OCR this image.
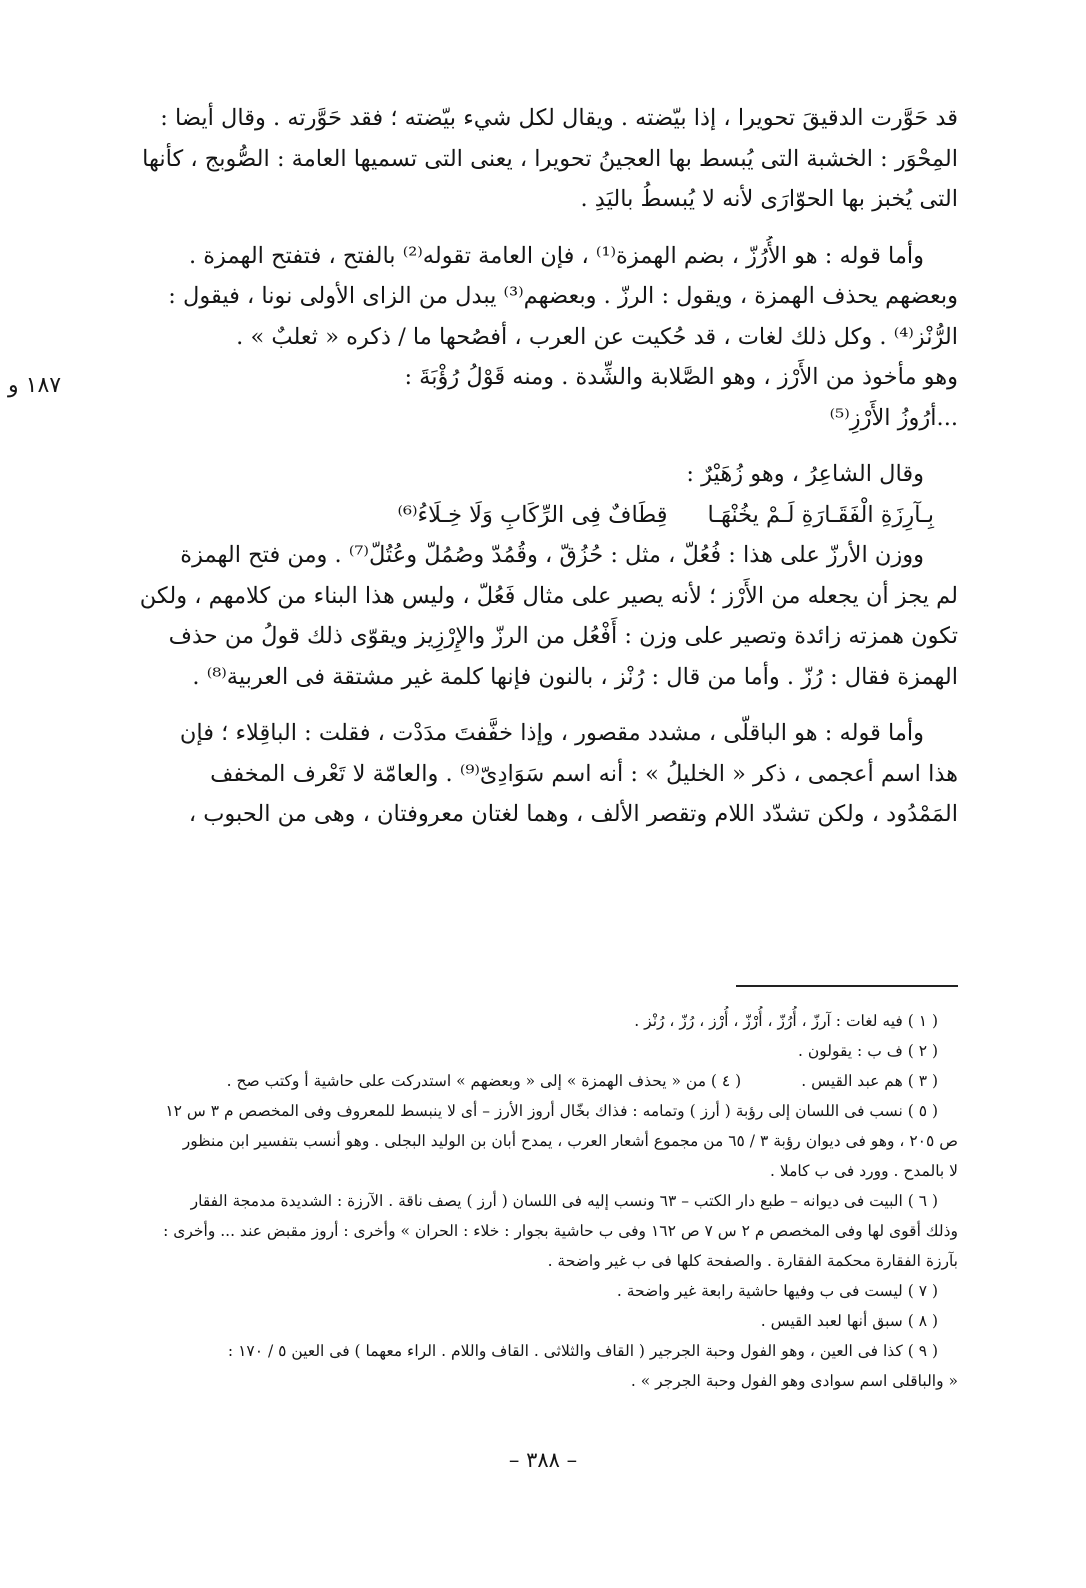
١٨٧ و
قد حَوَّرت الدقيقَ تحويرا ، إذا بيّضته . ويقال لكل شيء بيّضته ؛ فقد حَوَّرته . وقال أيضا :
المِحْوَر : الخشبة التى يُبسط بها العجينُ تحويرا ، يعنى التى تسميها العامة : الصُّوبج ، كأنها
التى يُخبز بها الحوّارَى لأنه لا يُبسطُ باليَدِ .
وأما قوله : هو الأُرُزّ ، بضم الهمزة⁽¹⁾ ، فإن العامة تقوله⁽²⁾ بالفتح ، فتفتح الهمزة .
وبعضهم يحذف الهمزة ، ويقول : الرزّ . وبعضهم⁽³⁾ يبدل من الزاى الأولى نونا ، فيقول :
الرُّنْز⁽⁴⁾ . وكل ذلك لغات ، قد حُكيت عن العرب ، أفصُحها ما / ذكره « ثعلبٌ » .
وهو مأخوذ من الأَرْز ، وهو الصَّلابة والشِّدة . ومنه قَوْلُ رُؤْبَةَ :
...أرُوزُ الأَرْزِ⁽⁵⁾
وقال الشاعِرُ ، وهو زُهَيْرٌ :
بِـآرِزَةِ الْفَقَـارَةِ لَـمْ يخُنْهَـا
قِطَافٌ فِى الرِّكَابِ وَلَا خِـلَاءُ⁽⁶⁾
ووزن الأرزّ على هذا : فُعُلّ ، مثل : حُزُقّ ، وقُمُدّ وصُمُلّ وعُتُلّ⁽⁷⁾ . ومن فتح الهمزة
لم يجز أن يجعله من الأَرْز ؛ لأنه يصير على مثال فَعُلّ ، وليس هذا البناء من كلامهم ، ولكن
تكون همزته زائدة وتصير على وزن : أَفْعُل من الرزّ والإِرْزِيز ويقوّى ذلك قولُ من حذف
الهمزة فقال : رُزّ . وأما من قال : رُنْز ، بالنون فإنها كلمة غير مشتقة فى العربية⁽⁸⁾ .
وأما قوله : هو الباقلّى ، مشدد مقصور ، وإذا خفَّفتَ مدَدْت ، فقلت : الباقِلاء ؛ فإن
هذا اسم أعجمى ، ذكر « الخليلُ » : أنه اسم سَوَادِىّ⁽⁹⁾ . والعامّة لا تَعْرف المخفف
المَمْدُود ، ولكن تشدّد اللام وتقصر الألف ، وهما لغتان معروفتان ، وهى من الحبوب ،
( ١ ) فيه لغات : آرزّ ، أُرُزّ ، أُرْزّ ، أُرْز ، رُزّ ، رُنْز .
( ٢ ) ف ب : يقولون .
( ٣ ) هم عبد القيس .
( ٤ ) من « يحذف الهمزة » إلى « وبعضهم » استدركت على حاشية أ وكتب صح .
( ٥ ) نسب فى اللسان إلى رؤبة ( أرز ) وتمامه : فذاك بخّال أروز الأرز – أى لا ينبسط للمعروف وفى المخصص م ٣ س ١٢
ص ٢٠٥ ، وهو فى ديوان رؤبة ٣ / ٦٥ من مجموع أشعار العرب ، يمدح أبان بن الوليد البجلى . وهو أنسب بتفسير ابن منظور
لا بالمدح . وورد فى ب كاملا .
( ٦ ) البيت فى ديوانه – طبع دار الكتب – ٦٣ ونسب إليه فى اللسان ( أرز ) يصف ناقة . الآرزة : الشديدة مدمجة الفقار
وذلك أقوى لها وفى المخصص م ٢ س ٧ ص ١٦٢ وفى ب حاشية بجوار : خلاء : الحران » وأخرى : أروز مقبض عند ... وأخرى :
بآرزة الفقارة محكمة الفقارة . والصفحة كلها فى ب غير واضحة .
( ٧ ) ليست فى ب وفيها حاشية رابعة غير واضحة .
( ٨ ) سبق أنها لعبد القيس .
( ٩ ) كذا فى العين ، وهو الفول وحبة الجرجير ( القاف والثلاثى . القاف واللام . الراء معهما ) فى العين ٥ / ١٧٠ :
« والباقلى اسم سوادى وهو الفول وحبة الجرجر » .
– ٣٨٨ –
